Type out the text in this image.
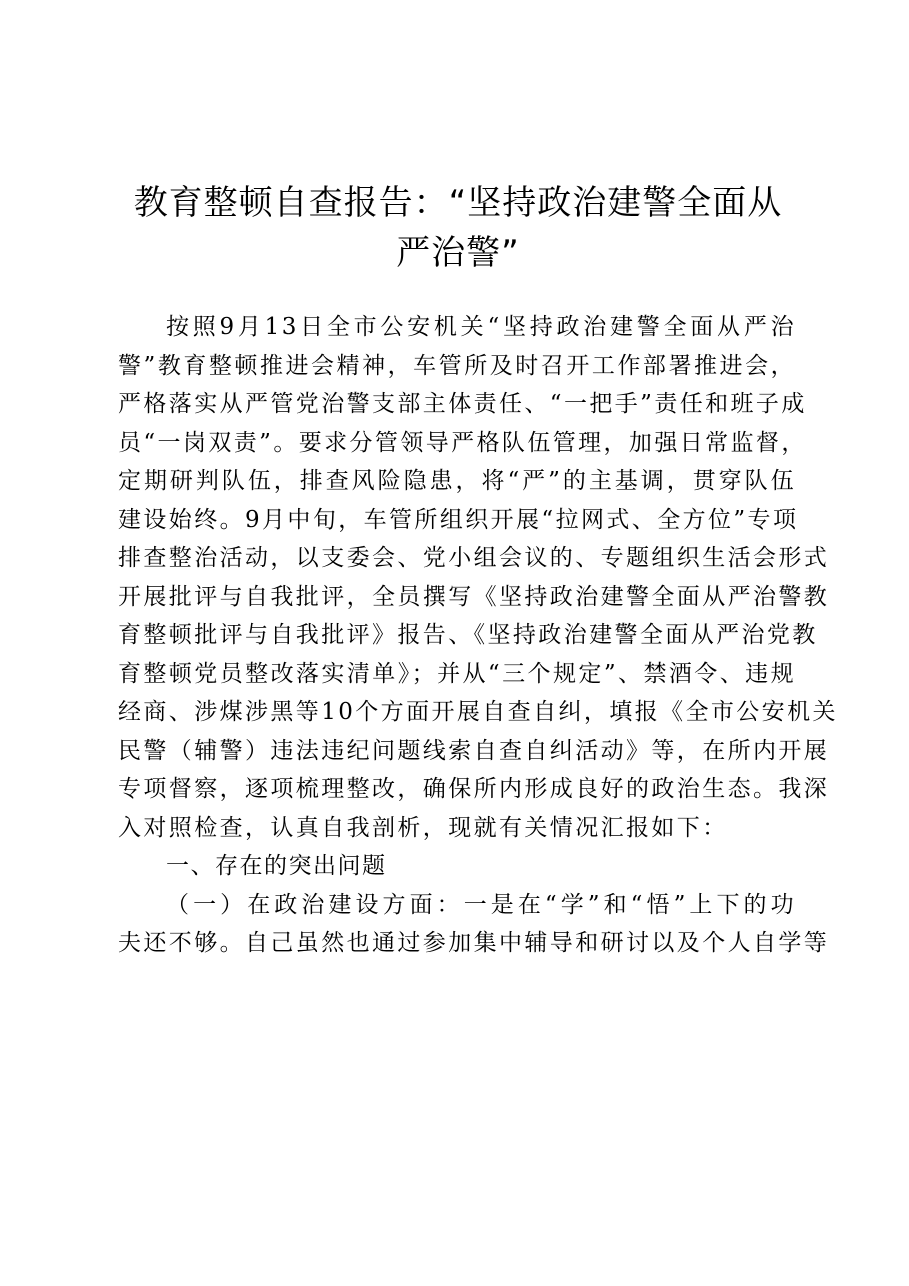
教育整顿自查报告：“坚持政治建警全面从
严治警”
按照9月13日全市公安机关“坚持政治建警全面从严治
警”教育整顿推进会精神，车管所及时召开工作部署推进会，
严格落实从严管党治警支部主体责任、“一把手”责任和班子成
员“一岗双责”。要求分管领导严格队伍管理，加强日常监督，
定期研判队伍，排查风险隐患，将“严”的主基调，贯穿队伍
建设始终。9月中旬，车管所组织开展“拉网式、全方位”专项
排查整治活动，以支委会、党小组会议的、专题组织生活会形式
开展批评与自我批评，全员撰写《坚持政治建警全面从严治警教
育整顿批评与自我批评》报告、《坚持政治建警全面从严治党教
育整顿党员整改落实清单》；并从“三个规定”、禁酒令、违规
经商、涉煤涉黑等10个方面开展自查自纠，填报《全市公安机关
民警（辅警）违法违纪问题线索自查自纠活动》等，在所内开展
专项督察，逐项梳理整改，确保所内形成良好的政治生态。我深
入对照检查，认真自我剖析，现就有关情况汇报如下：
一、存在的突出问题
（一）在政治建设方面：一是在“学”和“悟”上下的功
夫还不够。自己虽然也通过参加集中辅导和研讨以及个人自学等
